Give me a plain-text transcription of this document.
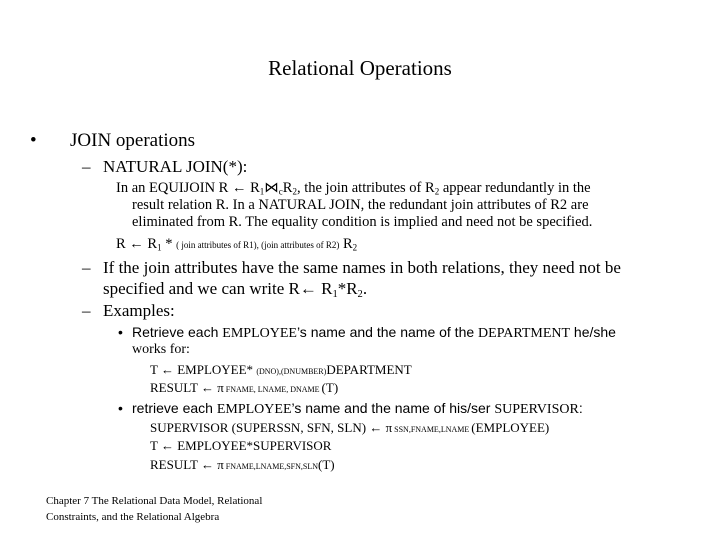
Relational Operations
• JOIN operations
– NATURAL JOIN(*):
In an EQUIJOIN R ← $R_1⋈_cR_2$, the join attributes of $R_2$ appear redundantly in the
result relation R. In a NATURAL JOIN, the redundant join attributes of R2 are
eliminated from R. The equality condition is implied and need not be specified.
R ← $R_1$ * ( join attributes of R1), (join attributes of R2) $R_2$
– If the join attributes have the same names in both relations, they need not be
specified and we can write R← $R_1*R_2$.
– Examples:
• Retrieve each EMPLOYEE’s name and the name of the DEPARTMENT he/she
works for:
T ← EMPLOYEE* (DNO),(DNUMBER)DEPARTMENT
RESULT ← π FNAME, LNAME, DNAME (T)
• retrieve each EMPLOYEE’s name and the name of his/ser SUPERVISOR:
SUPERVISOR (SUPERSSN, SFN, SLN) ← π SSN,FNAME,LNAME (EMPLOYEE)
T ← EMPLOYEE*SUPERVISOR
RESULT ← π FNAME,LNAME,SFN,SLN(T)
Chapter 7 The Relational Data Model, Relational
Constraints, and the Relational Algebra
